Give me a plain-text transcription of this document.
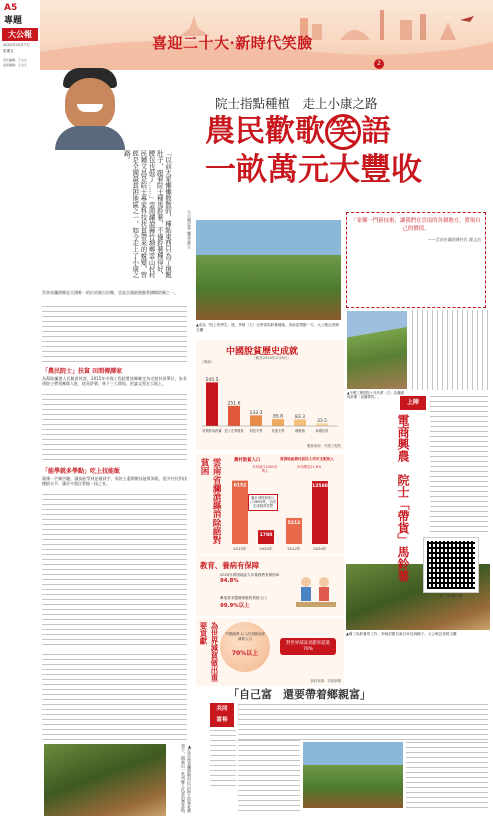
A5
專題
大公報
2022年10月7日
星期五
責任編輯：王文元
美術編輯：王文元
喜迎二十大·新時代笑臉
2
院士指點種植　走上小康之路
農民歡歌 笑 語
一畝萬元大豐收
「以前大家懶懶散散的，種點東西只為了填飽肚子，跟着院士種馬鈴薯，不僅鈴薯種得好，腰包也鼓了……」雲南瀾滄縣竹塘鄉雲山村村民鍾文昌是院士專家科技扶貧帶來的蛻變。曾經是全國最貧困地區之一，如今走上了小康之路。
大公報記者 樂彥 蔣玉	「家鄉一門新技術，讓我們在雲南的各個地方，實現自己的價值。
——雲南省瀾滄縣村民 鍾文昌
▲成為「院士的學生」後，李極（左）走學習馬鈴薯種植，再致富帶動一方。大公報記者蔣玉攝
雲南省瀾滄縣是全國唯一的拉祜族自治縣，也是全國最後脫貧摘帽的縣之一。
「農民院士」扶貧 田間傳譯家
為幫助瀾滄人民脫貧致富，2015年中國工程院將該縣確定為定點扶貧單位，朱有勇院士帶領團隊入駐，從馬鈴薯、林下三七開始，把論文寫在大地上。
「能學就多學點」吃上技能飯
蔣國一芒廣告聽，讓技能學到並做到手，朱院士還開辦技能實訓班，提升村民科技種植水平，讓更多農民掌握一技之長。
中國脫貧歷史成就
（截至2020年2月8日）
（萬畝）
545.5
收貸的馬鈴薯
251.6
投入冬季農業
133.3
科技冬季
85.8
其他冬季
83.3
種養殖
33.5
新增扶貧
數據來源：中國工程院
雲南省瀾滄縣消除絕對貧困	農村脫貧人口	貧困地區農村居民人均可支配收入
8152
2015年
1780
2020年
5212
2012年
12588
2020年
年均減少1000多萬人
累計消除貧困人口9899萬，全面完成脫貧攻堅
年均增長11.6%
教育、養病有保障
2020年貧困地區九年義務教育鞏固率
94.8%
參加基本醫療保險的貧困人口
99.9%以上
為世界減貧做出重要貢獻	中國減貧人口占同期全球減貧人口
70%以上
對世界減貧貢獻率超過70%
資料來源：央視新聞
▲種了馬鈴薯的工作，李極依舊自新自家長到種子。大公報記者蔣玉攝
▲中國工程院院士朱有勇（右）為瀾滄馬鈴薯「直播帶貨」。
上陣
電商興農　院士「帶貨」馬鈴薯
掃一掃 看片報
「自己富　還要帶着鄉親富」
共同富裕
▲在雲南省瀾滄縣村民以院士的專家帶領下，摸索出一系列鄉土扶貧的帶富路。
